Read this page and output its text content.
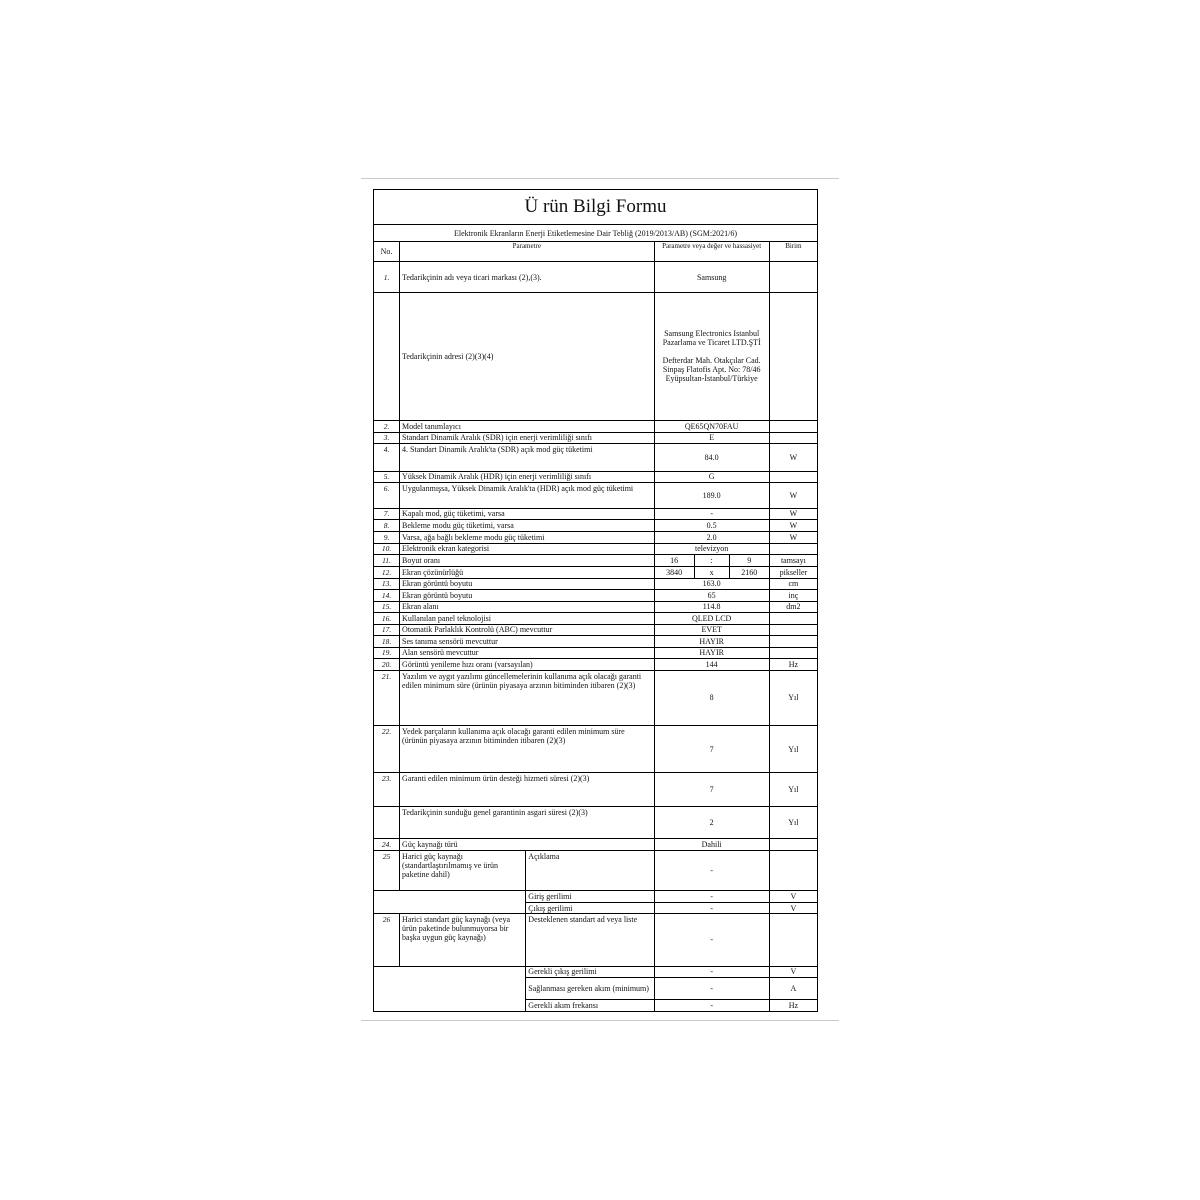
Ü rün Bilgi Formu						
Elektronik Ekranların Enerji Etiketlemesine Dair Tebliğ (2019/2013/AB) (SGM:2021/6)						
No.	Parametre		Parametre veya değer ve hassasiyet			Birim
1.	Tedarikçinin adı veya ticari markası (2),(3).		Samsung			
	Tedarikçinin adresi (2)(3)(4)		Samsung Electronics Istanbul
Pazarlama ve Ticaret LTD.ŞTİ
Defterdar Mah. Otakçılar Cad.
Sinpaş Flatofis Apt. No: 78/46
Eyüpsultan-İstanbul/Türkiye			

2.	Model tanımlayıcı		QE65QN70FAU			
3.	Standart Dinamik Aralık (SDR) için enerji verimliliği sınıfı		E			
4.	4. Standart Dinamik Aralık'ta (SDR) açık mod güç tüketimi		84.0			W
5.	Yüksek Dinamik Aralık (HDR) için enerji verimliliği sınıfı		G			
6.	Uygulanmışsa, Yüksek Dinamik Aralık'ta (HDR) açık mod güç tüketimi		189.0			W
7.	Kapalı mod, güç tüketimi, varsa		-			W
8.	Bekleme modu güç tüketimi, varsa		0.5			W
9.	Varsa, ağa bağlı bekleme modu güç tüketimi		2.0			W
10.	Elektronik ekran kategorisi		televizyon			
11.	Boyut oranı		16	:	9	tamsayı
12.	Ekran çözünürlüğü		3840	x	2160	pikseller
13.	Ekran görüntü boyutu		163.0			cm
14.	Ekran görüntü boyutu		65			inç
15.	Ekran alanı		114.8			dm2
16.	Kullanılan panel teknolojisi		QLED LCD			
17.	Otomatik Parlaklık Kontrolü (ABC) mevcuttur		EVET			
18.	Ses tanıma sensörü mevcuttur		HAYIR			
19.	Alan sensörü mevcuttur		HAYIR			
20.	Görüntü yenileme hızı oranı (varsayılan)		144			Hz
21.	Yazılım ve aygıt yazılımı güncellemelerinin kullanıma açık olacağı garanti edilen minimum süre (ürünün piyasaya arzının bitiminden itibaren (2)(3)		8			Yıl
22.	Yedek parçaların kullanıma açık olacağı garanti edilen minimum süre (ürünün piyasaya arzının bitiminden itibaren (2)(3)		7			Yıl
23.	Garanti edilen minimum ürün desteği hizmeti süresi (2)(3)		7			Yıl
	Tedarikçinin sunduğu genel garantinin asgari süresi (2)(3)		2			Yıl
24.	Güç kaynağı türü		Dahili			
25	Harici güç kaynağı (standartlaştırılmamış ve ürün paketine dahil)	Açıklama	-			
		Giriş gerilimi	-			V
		Çıkış gerilimi	-			V
26	Harici standart güç kaynağı (veya ürün paketinde bulunmuyorsa bir başka uygun güç kaynağı)	Desteklenen standart ad veya liste	-			
		Gerekli çıkış gerilimi	-			V
		Sağlanması gereken akım (minimum)	-			A
		Gerekli akım frekansı	-			Hz
